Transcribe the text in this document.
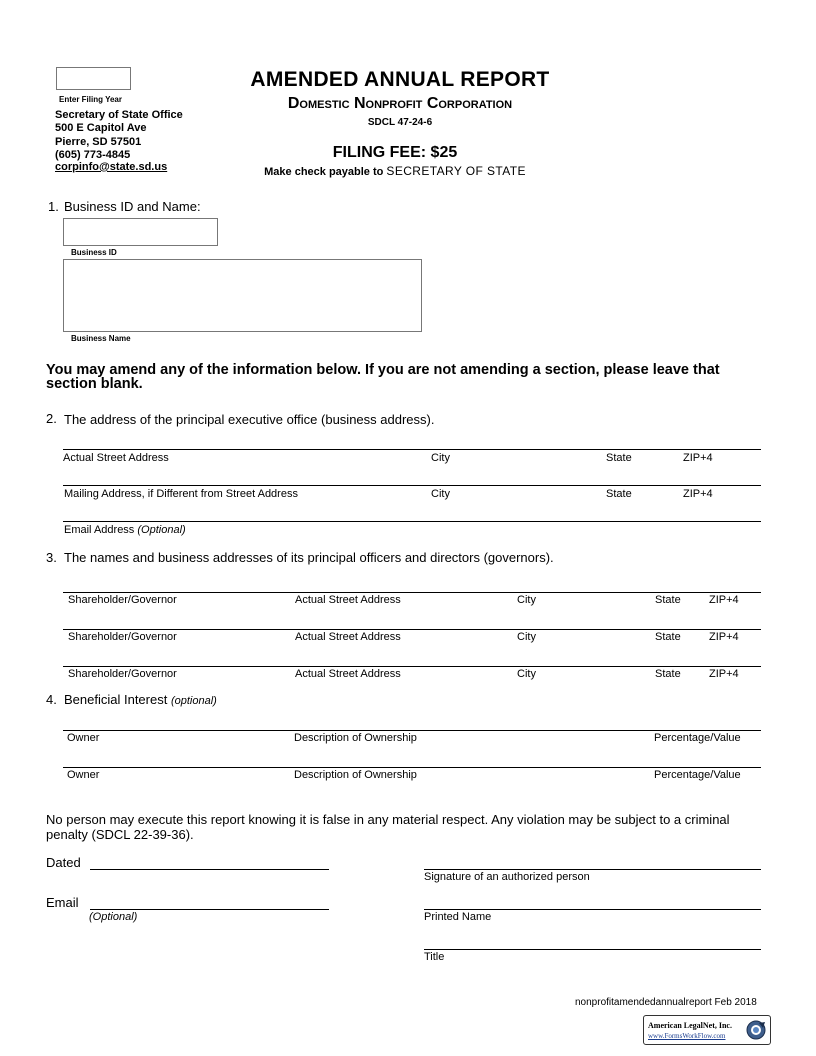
Enter Filing Year
Secretary of State Office
500 E Capitol Ave
Pierre, SD 57501
(605) 773-4845
corpinfo@state.sd.us
AMENDED ANNUAL REPORT
Domestic Nonprofit Corporation
SDCL 47-24-6
FILING FEE: $25
Make check payable to SECRETARY OF STATE
1. Business ID and Name:
Business ID
Business Name
You may amend any of the information below. If you are not amending a section, please leave that section blank.
2. The address of the principal executive office (business address).
Actual Street Address	City	State	ZIP+4
Mailing Address, if Different from Street Address	City	State	ZIP+4
Email Address (Optional)
3. The names and business addresses of its principal officers and directors (governors).
Shareholder/Governor	Actual Street Address	City	State	ZIP+4
Shareholder/Governor	Actual Street Address	City	State	ZIP+4
Shareholder/Governor	Actual Street Address	City	State	ZIP+4
4. Beneficial Interest (optional)
Owner	Description of Ownership	Percentage/Value
Owner	Description of Ownership	Percentage/Value
No person may execute this report knowing it is false in any material respect. Any violation may be subject to a criminal penalty (SDCL 22-39-36).
Dated
Email
(Optional)
Signature of an authorized person
Printed Name
Title
nonprofitamendedannualreport Feb 2018
American LegalNet, Inc.
www.FormsWorkFlow.com
